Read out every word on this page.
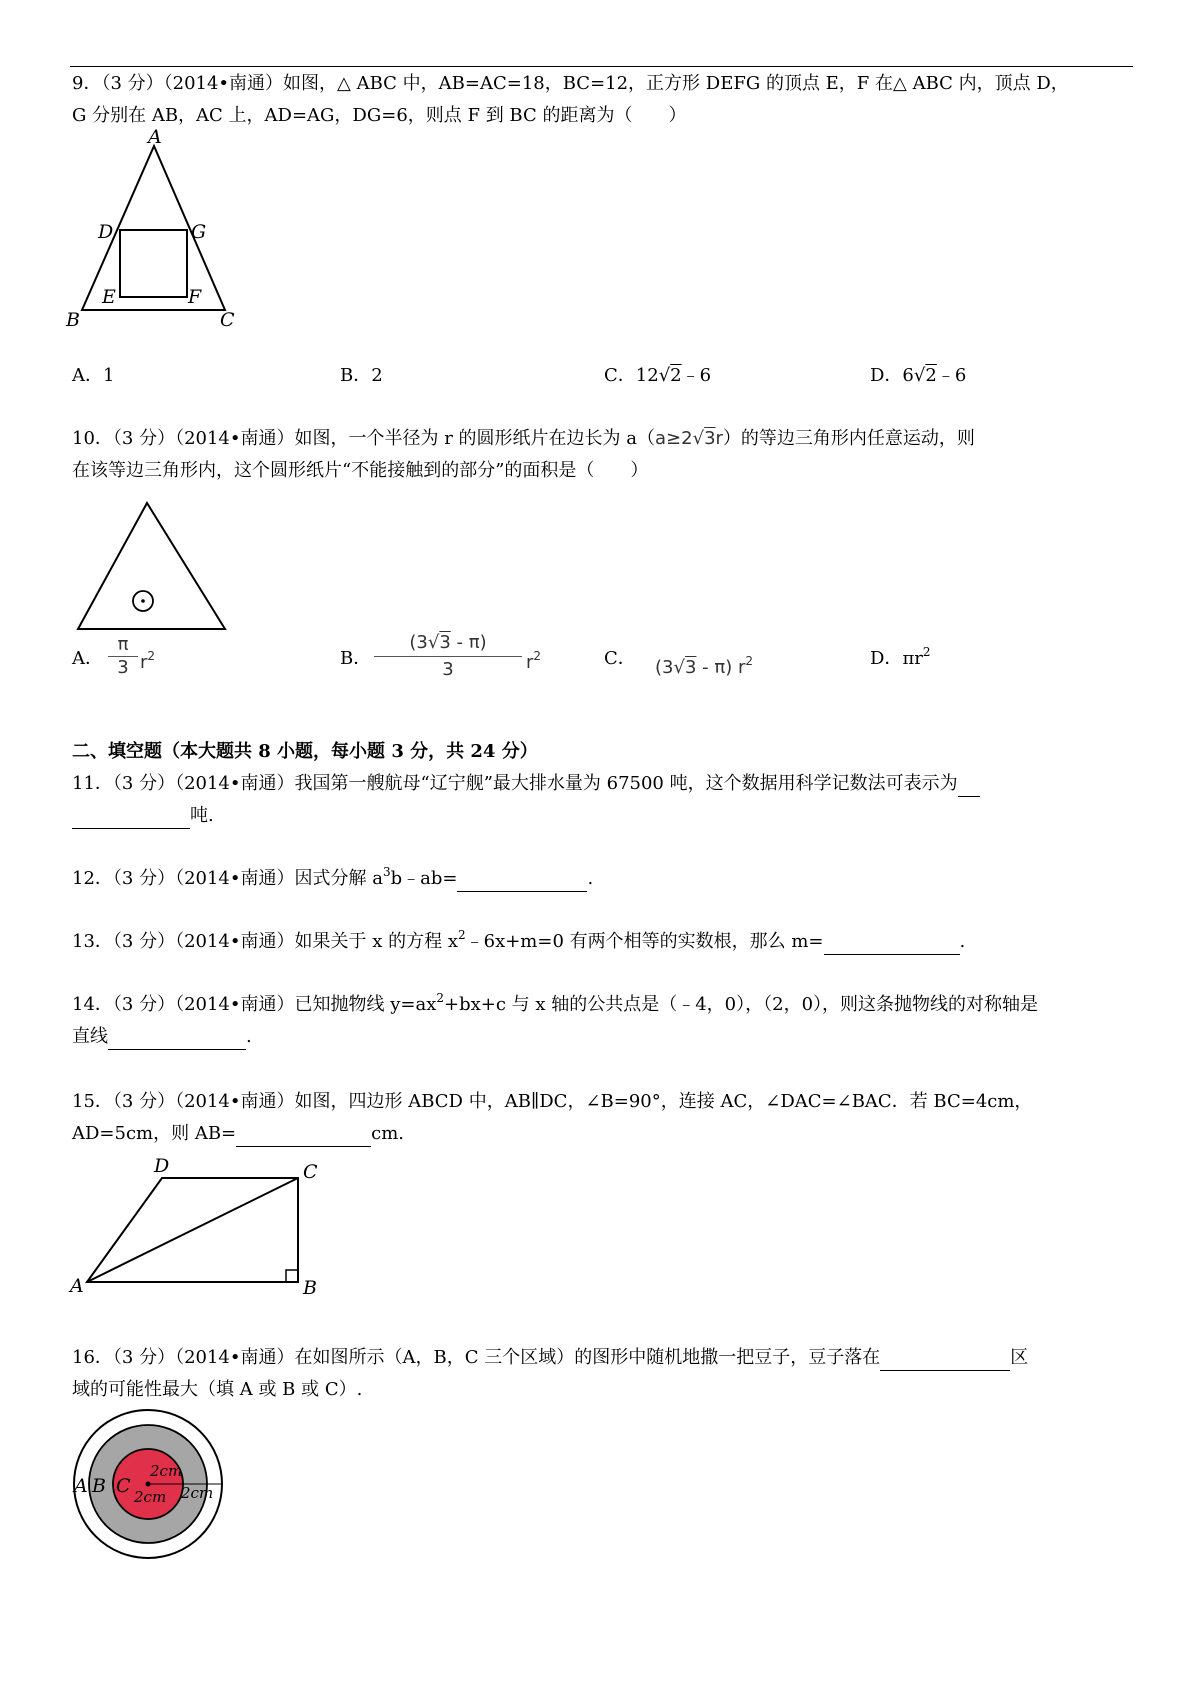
9．（3 分）（2014•南通）如图，△ ABC 中，AB=AC=18，BC=12，正方形 DEFG 的顶点 E，F 在△ ABC 内，顶点 D，
G 分别在 AB，AC 上，AD=AG，DG=6，则点 F 到 BC 的距离为（　　）
A
D	G
E	F
B	C
A．1	B．2	C．12√2﹣6	D．6√2﹣6
10．（3 分）（2014•南通）如图，一个半径为 r 的圆形纸片在边长为 a（a≥2√3r）的等边三角形内任意运动，则
在该等边三角形内，这个圆形纸片“不能接触到的部分”的面积是（　　）
A．
π
3 $r^2$	B．
(3√3 - π)
3	$r^2$	C． (3√3 - π) $r^2$	D．$\pi r^2$
二、填空题（本大题共 8 小题，每小题 3 分，共 24 分）
11．（3 分）（2014•南通）我国第一艘航母“辽宁舰”最大排水量为 67500 吨，这个数据用科学记数法可表示为
吨.
12．（3 分）（2014•南通）因式分解 $a^3b﹣ab=$	.
13．（3 分）（2014•南通）如果关于 x 的方程 $x^2﹣6x+m=0$ 有两个相等的实数根，那么 m=	.
14．（3 分）（2014•南通）已知抛物线 $y=ax^2+bx+c$ 与 x 轴的公共点是（﹣4，0），（2，0），则这条抛物线的对称轴是
直线	.
15．（3 分）（2014•南通）如图，四边形 ABCD 中，AB∥DC，∠B=90°，连接 AC，∠DAC=∠BAC．若 BC=4cm，
AD=5cm，则 AB=	cm.
D	C
A	B
16．（3 分）（2014•南通）在如图所示（A，B，C 三个区域）的图形中随机地撒一把豆子，豆子落在	区
域的可能性最大（填 A 或 B 或 C）.
A B C
2cm
2cm 2cm
